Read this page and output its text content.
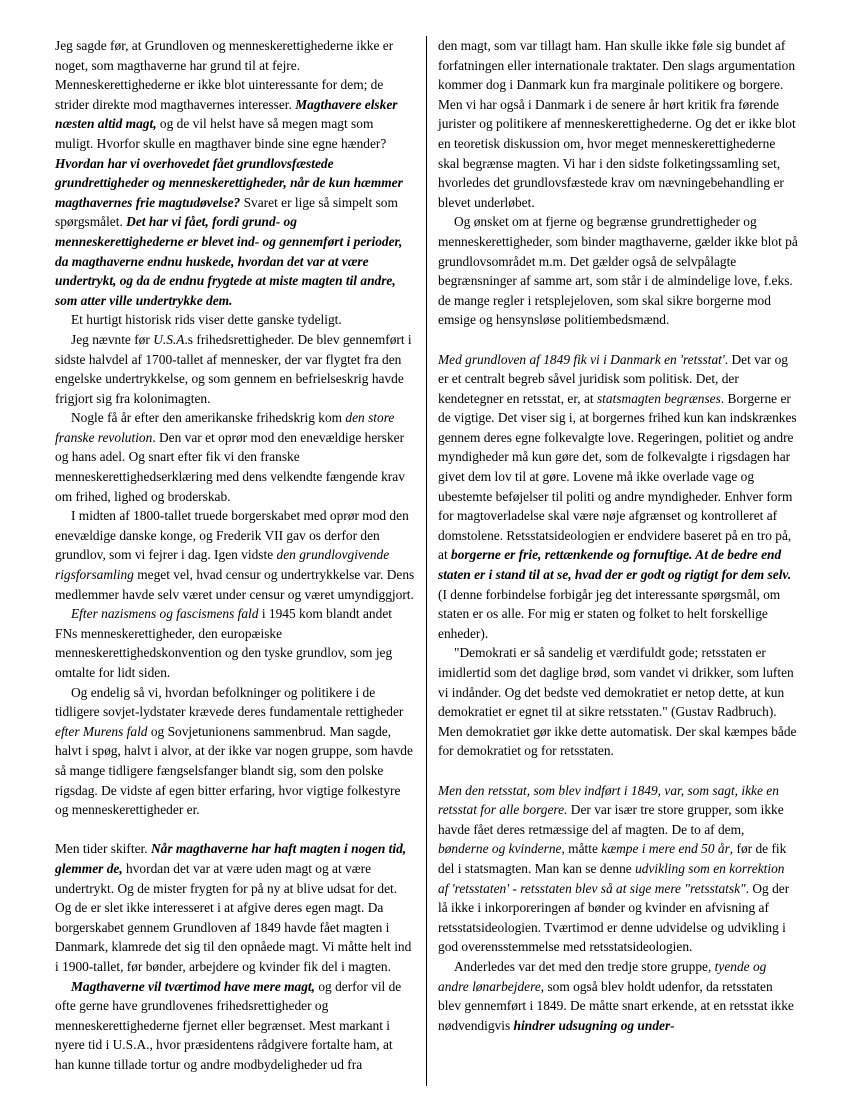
Jeg sagde før, at Grundloven og menneskerettighederne ikke er noget, som magthaverne har grund til at fejre. Menneskerettighederne er ikke blot uinteressante for dem; de strider direkte mod magthavernes interesser. Magthavere elsker næsten altid magt, og de vil helst have så megen magt som muligt. Hvorfor skulle en magthaver binde sine egne hænder? Hvordan har vi overhovedet fået grundlovsfæstede grundrettigheder og menneskerettigheder, når de kun hæmmer magthavernes frie magtudøvelse? Svaret er lige så simpelt som spørgsmålet. Det har vi fået, fordi grund- og menneskerettighederne er blevet ind- og gennemført i perioder, da magthaverne endnu huskede, hvordan det var at være undertrykt, og da de endnu frygtede at miste magten til andre, som atter ville undertrykke dem.

Et hurtigt historisk rids viser dette ganske tydeligt.

Jeg nævnte før U.S.A.s frihedsrettigheder. De blev gennemført i sidste halvdel af 1700-tallet af mennesker, der var flygtet fra den engelske undertrykkelse, og som gennem en befrielseskrig havde frigjort sig fra kolonimagten.

Nogle få år efter den amerikanske frihedskrig kom den store franske revolution. Den var et oprør mod den enevældige hersker og hans adel. Og snart efter fik vi den franske menneskerettighedserklæring med dens velkendte fængende krav om frihed, lighed og broderskab.

I midten af 1800-tallet truede borgerskabet med oprør mod den enevældige danske konge, og Frederik VII gav os derfor den grundlov, som vi fejrer i dag. Igen vidste den grundlovgivende rigsforsamling meget vel, hvad censur og undertrykkelse var. Dens medlemmer havde selv været under censur og været umyndiggjort.

Efter nazismens og fascismens fald i 1945 kom blandt andet FNs menneskerettigheder, den europæiske menneskerettighedskonvention og den tyske grundlov, som jeg omtalte for lidt siden.

Og endelig så vi, hvordan befolkninger og politikere i de tidligere sovjet-lydstater krævede deres fundamentale rettigheder efter Murens fald og Sovjetunionens sammenbrud. Man sagde, halvt i spøg, halvt i alvor, at der ikke var nogen gruppe, som havde så mange tidligere fængselsfanger blandt sig, som den polske rigsdag. De vidste af egen bitter erfaring, hvor vigtige folkestyre og menneskerettigheder er.

Men tider skifter. Når magthaverne har haft magten i nogen tid, glemmer de, hvordan det var at være uden magt og at være undertrykt. Og de mister frygten for på ny at blive udsat for det. Og de er slet ikke interesseret i at afgive deres egen magt. Da borgerskabet gennem Grundloven af 1849 havde fået magten i Danmark, klamrede det sig til den opnåede magt. Vi måtte helt ind i 1900-tallet, før bønder, arbejdere og kvinder fik del i magten.

Magthaverne vil tværtimod have mere magt, og derfor vil de ofte gerne have grundlovenes frihedsrettigheder og menneskerettighederne fjernet eller begrænset. Mest markant i nyere tid i U.S.A., hvor præsidentens rådgivere fortalte ham, at han kunne tillade tortur og andre modbydeligheder ud fra

den magt, som var tillagt ham. Han skulle ikke føle sig bundet af forfatningen eller internationale traktater. Den slags argumentation kommer dog i Danmark kun fra marginale politikere og borgere. Men vi har også i Danmark i de senere år hørt kritik fra førende jurister og politikere af menneskerettighederne. Og det er ikke blot en teoretisk diskussion om, hvor meget menneskerettighederne skal begrænse magten. Vi har i den sidste folketingssamling set, hvorledes det grundlovsfæstede krav om nævningebehandling er blevet underløbet.

Og ønsket om at fjerne og begrænse grundrettigheder og menneskerettigheder, som binder magthaverne, gælder ikke blot på grundlovsområdet m.m. Det gælder også de selvpålagte begrænsninger af samme art, som står i de almindelige love, f.eks. de mange regler i retsplejeloven, som skal sikre borgerne mod emsige og hensynsløse politiembedsmænd.

Med grundloven af 1849 fik vi i Danmark en 'retsstat'. Det var og er et centralt begreb såvel juridisk som politisk. Det, der kendetegner en retsstat, er, at statsmagten begrænses. Borgerne er de vigtige. Det viser sig i, at borgernes frihed kun kan indskrænkes gennem deres egne folkevalgte love. Regeringen, politiet og andre myndigheder må kun gøre det, som de folkevalgte i rigsdagen har givet dem lov til at gøre. Lovene må ikke overlade vage og ubestemte beføjelser til politi og andre myndigheder. Enhver form for magtoverladelse skal være nøje afgrænset og kontrolleret af domstolene. Retsstatsideologien er endvidere baseret på en tro på, at borgerne er frie, rettænkende og fornuftige. At de bedre end staten er i stand til at se, hvad der er godt og rigtigt for dem selv. (I denne forbindelse forbigår jeg det interessante spørgsmål, om staten er os alle. For mig er staten og folket to helt forskellige enheder).

"Demokrati er så sandelig et værdifuldt gode; retsstaten er imidlertid som det daglige brød, som vandet vi drikker, som luften vi indånder. Og det bedste ved demokratiet er netop dette, at kun demokratiet er egnet til at sikre retsstaten." (Gustav Radbruch). Men demokratiet gør ikke dette automatisk. Der skal kæmpes både for demokratiet og for retsstaten.

Men den retsstat, som blev indført i 1849, var, som sagt, ikke en retsstat for alle borgere. Der var især tre store grupper, som ikke havde fået deres retmæssige del af magten. De to af dem, bønderne og kvinderne, måtte kæmpe i mere end 50 år, før de fik del i statsmagten. Man kan se denne udvikling som en korrektion af 'retsstaten' - retsstaten blev så at sige mere "retsstatsk". Og der lå ikke i inkorporeringen af bønder og kvinder en afvisning af retsstatsideologien. Tværtimod er denne udvidelse og udvikling i god overensstemmelse med retsstatsideologien.

Anderledes var det med den tredje store gruppe, tyende og andre lønarbejdere, som også blev holdt udenfor, da retsstaten blev gennemført i 1849. De måtte snart erkende, at en retsstat ikke nødvendigvis hindrer udsugning og under-
